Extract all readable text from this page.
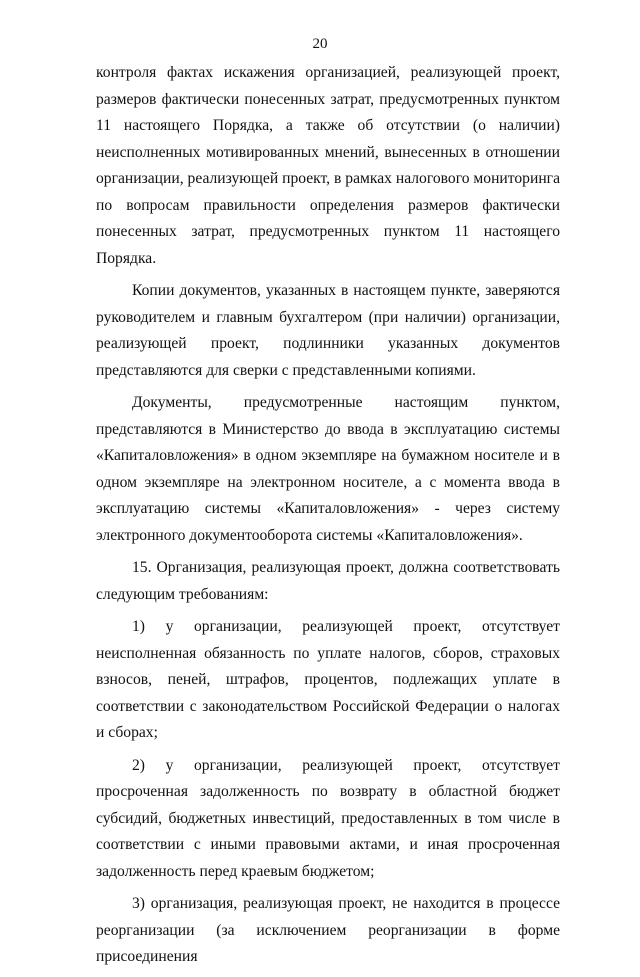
20

контроля фактах искажения организацией, реализующей проект, размеров фактически понесенных затрат, предусмотренных пунктом 11 настоящего Порядка, а также об отсутствии (о наличии) неисполненных мотивированных мнений, вынесенных в отношении организации, реализующей проект, в рамках налогового мониторинга по вопросам правильности определения размеров фактически понесенных затрат, предусмотренных пунктом 11 настоящего Порядка.

Копии документов, указанных в настоящем пункте, заверяются руководителем и главным бухгалтером (при наличии) организации, реализующей проект, подлинники указанных документов представляются для сверки с представленными копиями.

Документы, предусмотренные настоящим пунктом, представляются в Министерство до ввода в эксплуатацию системы «Капиталовложения» в одном экземпляре на бумажном носителе и в одном экземпляре на электронном носителе, а с момента ввода в эксплуатацию системы «Капиталовложения» - через систему электронного документооборота системы «Капиталовложения».

15. Организация, реализующая проект, должна соответствовать следующим требованиям:

1) у организации, реализующей проект, отсутствует неисполненная обязанность по уплате налогов, сборов, страховых взносов, пеней, штрафов, процентов, подлежащих уплате в соответствии с законодательством Российской Федерации о налогах и сборах;

2) у организации, реализующей проект, отсутствует просроченная задолженность по возврату в областной бюджет субсидий, бюджетных инвестиций, предоставленных в том числе в соответствии с иными правовыми актами, и иная просроченная задолженность перед краевым бюджетом;

3) организация, реализующая проект, не находится в процессе реорганизации (за исключением реорганизации в форме присоединения
